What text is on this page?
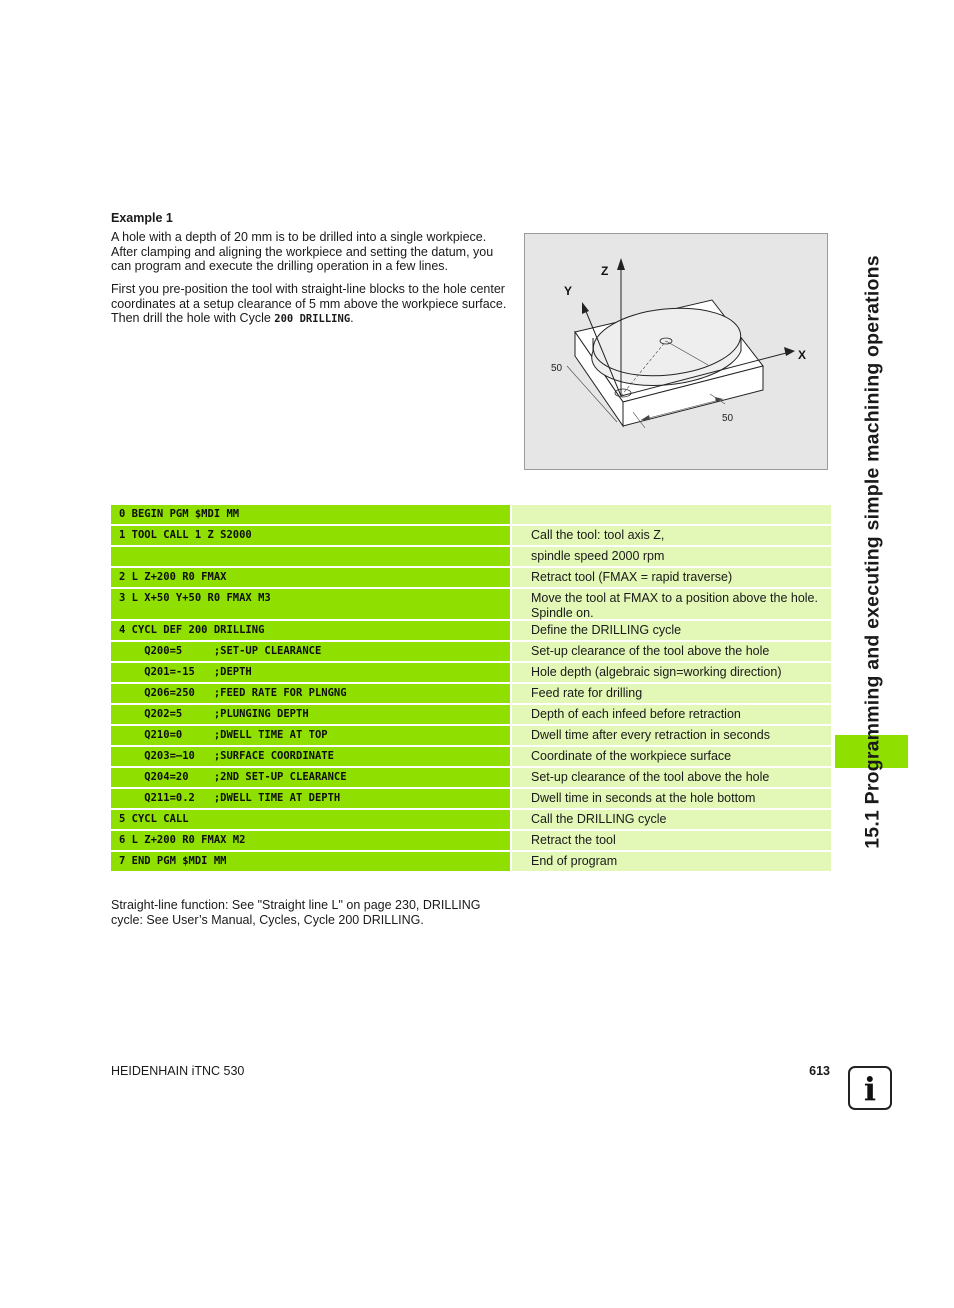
Example 1
A hole with a depth of 20 mm is to be drilled into a single workpiece. After clamping and aligning the workpiece and setting the datum, you can program and execute the drilling operation in a few lines.
First you pre-position the tool with straight-line blocks to the hole center coordinates at a setup clearance of 5 mm above the workpiece surface. Then drill the hole with Cycle 200 DRILLING.
Z
Y
X
50
50
0 BEGIN PGM $MDI MM
1 TOOL CALL 1 Z S2000	Call the tool: tool axis Z,
spindle speed 2000 rpm
2 L Z+200 R0 FMAX	Retract tool (FMAX = rapid traverse)
3 L X+50 Y+50 R0 FMAX M3	Move the tool at FMAX to a position above the hole. Spindle on.
4 CYCL DEF 200 DRILLING	Define the DRILLING cycle
Q200=5     ;SET-UP CLEARANCE	Set-up clearance of the tool above the hole
Q201=-15   ;DEPTH	Hole depth (algebraic sign=working direction)
Q206=250   ;FEED RATE FOR PLNGNG	Feed rate for drilling
Q202=5     ;PLUNGING DEPTH	Depth of each infeed before retraction
Q210=0     ;DWELL TIME AT TOP	Dwell time after every retraction in seconds
Q203=—10   ;SURFACE COORDINATE	Coordinate of the workpiece surface
Q204=20    ;2ND SET-UP CLEARANCE	Set-up clearance of the tool above the hole
Q211=0.2   ;DWELL TIME AT DEPTH	Dwell time in seconds at the hole bottom
5 CYCL CALL	Call the DRILLING cycle
6 L Z+200 R0 FMAX M2	Retract the tool
7 END PGM $MDI MM	End of program
Straight-line function: See "Straight line L" on page 230, DRILLING cycle: See User’s Manual, Cycles, Cycle 200 DRILLING.
HEIDENHAIN iTNC 530	613
15.1 Programming and executing simple machining operations
i
